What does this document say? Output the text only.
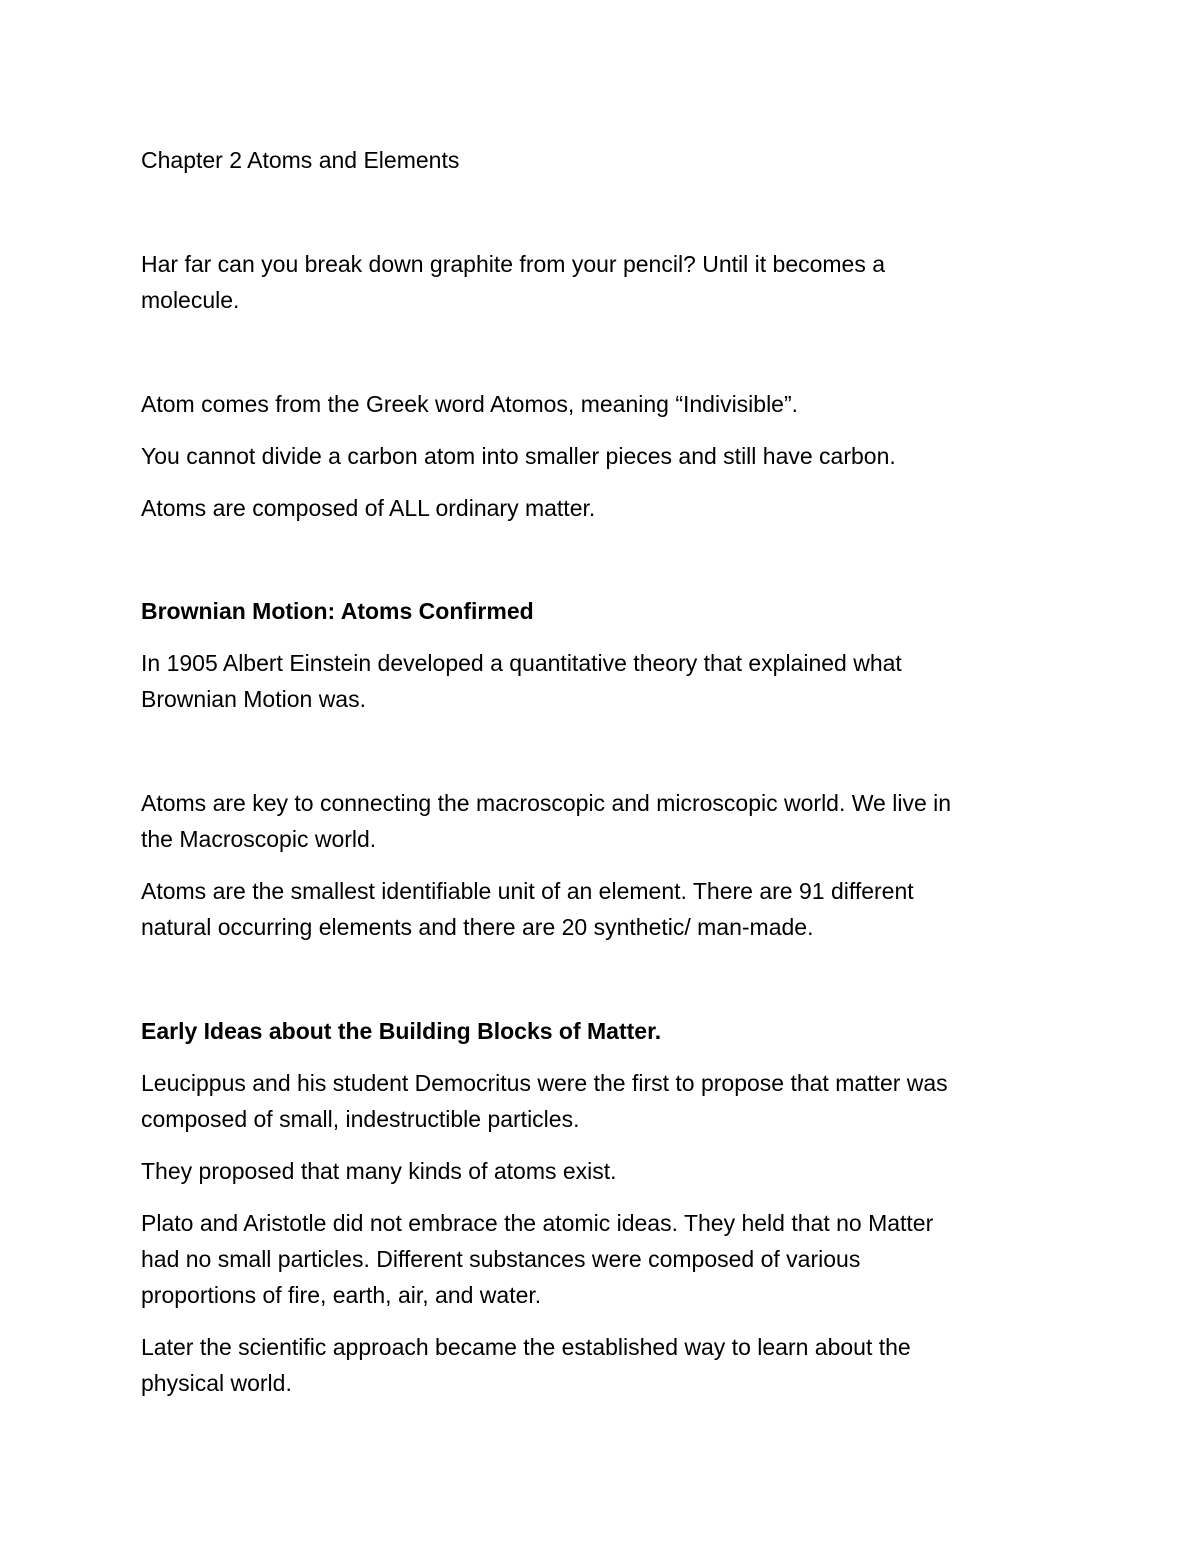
Chapter 2 Atoms and Elements

Har far can you break down graphite from your pencil? Until it becomes a

molecule.

Atom comes from the Greek word Atomos, meaning “Indivisible”.

You cannot divide a carbon atom into smaller pieces and still have carbon.

Atoms are composed of ALL ordinary matter.

Brownian Motion: Atoms Confirmed

In 1905 Albert Einstein developed a quantitative theory that explained what

Brownian Motion was.

Atoms are key to connecting the macroscopic and microscopic world. We live in

the Macroscopic world.

Atoms are the smallest identifiable unit of an element. There are 91 different

natural occurring elements and there are 20 synthetic/ man-made.

Early Ideas about the Building Blocks of Matter.

Leucippus and his student Democritus were the first to propose that matter was

composed of small, indestructible particles.

They proposed that many kinds of atoms exist.

Plato and Aristotle did not embrace the atomic ideas. They held that no Matter

had no small particles. Different substances were composed of various

proportions of fire, earth, air, and water.

Later the scientific approach became the established way to learn about the

physical world.
